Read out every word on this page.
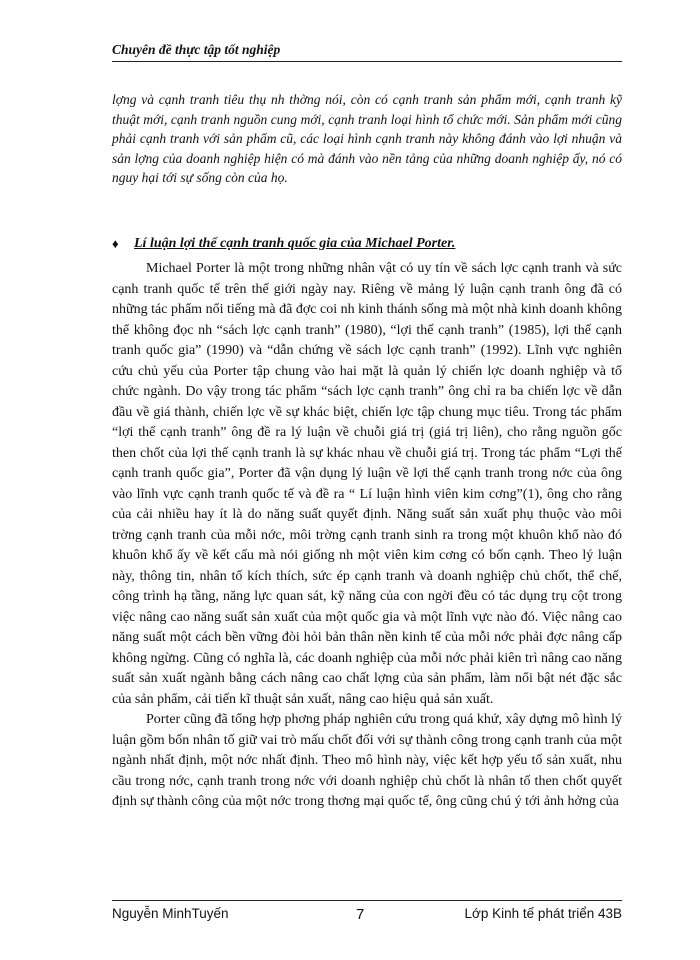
Chuyên đề thực tập tốt nghiệp
lợng và cạnh tranh tiêu thụ nh thờng nói, còn có cạnh tranh sản phẩm mới, cạnh tranh kỹ thuật mới, cạnh tranh nguồn cung mới, cạnh tranh loại hình tổ chức mới. Sản phẩm mới cũng phải cạnh tranh với sản phẩm cũ, các loại hình cạnh tranh này không đánh vào lợi nhuận và sản lợng của doanh nghiệp hiện có mà đánh vào nền tảng của những doanh nghiệp ấy, nó có nguy hại tới sự sống còn của họ.
♦ Lí luận lợi thế cạnh tranh quốc gia của Michael Porter.

Michael Porter là một trong những nhân vật có uy tín về sách lợc cạnh tranh và sức cạnh tranh quốc tế trên thế giới ngày nay. Riêng về mảng lý luận cạnh tranh ông đã có những tác phẩm nổi tiếng mà đã đợc coi nh kinh thánh sống mà một nhà kinh doanh không thể không đọc nh “sách lợc cạnh tranh” (1980), “lợi thế cạnh tranh” (1985), lợi thế cạnh tranh quốc gia” (1990) và “dẫn chứng về sách lợc cạnh tranh” (1992). Lĩnh vực nghiên cứu chủ yếu của Porter tập chung vào hai mặt là quản lý chiến lợc doanh nghiệp và tổ chức ngành. Do vậy trong tác phẩm “sách lợc cạnh tranh” ông chỉ ra ba chiến lợc về dẫn đầu về giá thành, chiến lợc về sự khác biệt, chiến lợc tập chung mục tiêu. Trong tác phẩm “lợi thế cạnh tranh” ông đề ra lý luận về chuỗi giá trị (giá trị liên), cho rằng nguồn gốc then chốt của lợi thế cạnh tranh là sự khác nhau về chuỗi giá trị. Trong tác phẩm “Lợi thế cạnh tranh quốc gia”, Porter đã vận dụng lý luận về lợi thế cạnh tranh trong nớc của ông vào lĩnh vực cạnh tranh quốc tế và đề ra “ Lí luận hình viên kim cơng”(1), ông cho rằng của cải nhiều hay ít là do năng suất quyết định. Năng suất sản xuất phụ thuộc vào môi trờng cạnh tranh của mỗi nớc, môi trờng cạnh tranh sinh ra trong một khuôn khổ nào đó khuôn khổ ấy về kết cấu mà nói giống nh một viên kim cơng có bốn cạnh. Theo lý luận này, thông tin, nhân tố kích thích, sức ép cạnh tranh và doanh nghiệp chủ chốt, thể chế, công trình hạ tầng, năng lực quan sát, kỹ năng của con ngời đều có tác dụng trụ cột trong việc nâng cao năng suất sản xuất của một quốc gia và một lĩnh vực nào đó. Việc nâng cao năng suất một cách bền vững đòi hỏi bản thân nền kinh tế của mỗi nớc phải đợc nâng cấp không ngừng. Cũng có nghĩa là, các doanh nghiệp của mỗi nớc phải kiên trì nâng cao năng suất sản xuất ngành bằng cách nâng cao chất lợng của sản phẩm, làm nổi bật nét đặc sắc của sản phẩm, cải tiến kĩ thuật sản xuất, nâng cao hiệu quả sản xuất.

Porter cũng đã tổng hợp phơng pháp nghiên cứu trong quá khứ, xây dựng mô hình lý luận gồm bốn nhân tố giữ vai trò mấu chốt đối với sự thành công trong cạnh tranh của một ngành nhất định, một nớc nhất định. Theo mô hình này, việc kết hợp yếu tố sản xuất, nhu cầu trong nớc, cạnh tranh trong nớc với doanh nghiệp chủ chốt là nhân tố then chốt quyết định sự thành công của một nớc trong thơng mại quốc tế, ông cũng chú ý tới ảnh hởng của

Nguyễn MinhTuyến	7	Lớp Kinh tế phát triển 43B
